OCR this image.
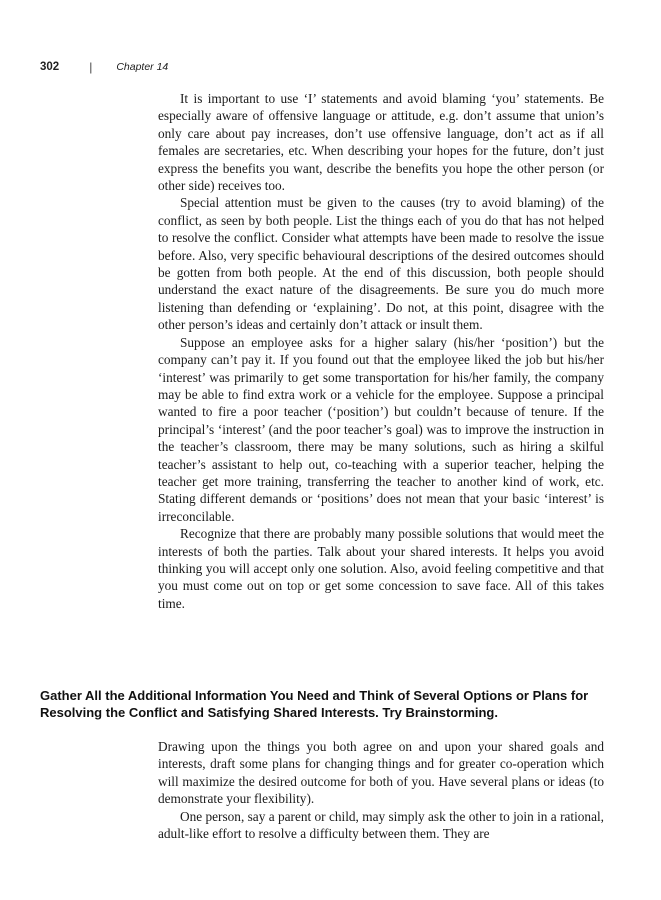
302	| Chapter 14

It is important to use ‘I’ statements and avoid blaming ‘you’ statements. Be especially aware of offensive language or attitude, e.g. don’t assume that union’s only care about pay increases, don’t use offensive language, don’t act as if all females are secretaries, etc. When describing your hopes for the future, don’t just express the benefits you want, describe the benefits you hope the other person (or other side) receives too.

Special attention must be given to the causes (try to avoid blaming) of the conflict, as seen by both people. List the things each of you do that has not helped to resolve the conflict. Consider what attempts have been made to resolve the issue before. Also, very specific behavioural descriptions of the desired outcomes should be gotten from both people. At the end of this discussion, both people should understand the exact nature of the disagreements. Be sure you do much more listening than defending or ‘explaining’. Do not, at this point, disagree with the other person’s ideas and certainly don’t attack or insult them.

Suppose an employee asks for a higher salary (his/her ‘position’) but the company can’t pay it. If you found out that the employee liked the job but his/her ‘interest’ was primarily to get some transportation for his/her family, the company may be able to find extra work or a vehicle for the employee. Suppose a principal wanted to fire a poor teacher (‘position’) but couldn’t because of tenure. If the principal’s ‘interest’ (and the poor teacher’s goal) was to improve the instruction in the teacher’s classroom, there may be many solutions, such as hiring a skilful teacher’s assistant to help out, co-teaching with a superior teacher, helping the teacher get more training, transferring the teacher to another kind of work, etc. Stating different demands or ‘positions’ does not mean that your basic ‘interest’ is irreconcilable.

Recognize that there are probably many possible solutions that would meet the interests of both the parties. Talk about your shared interests. It helps you avoid thinking you will accept only one solution. Also, avoid feeling competitive and that you must come out on top or get some concession to save face. All of this takes time.

Gather All the Additional Information You Need and Think of Several Options or Plans for Resolving the Conflict and Satisfying Shared Interests. Try Brainstorming.

Drawing upon the things you both agree on and upon your shared goals and interests, draft some plans for changing things and for greater co-operation which will maximize the desired outcome for both of you. Have several plans or ideas (to demonstrate your flexibility).

One person, say a parent or child, may simply ask the other to join in a rational, adult-like effort to resolve a difficulty between them. They are
